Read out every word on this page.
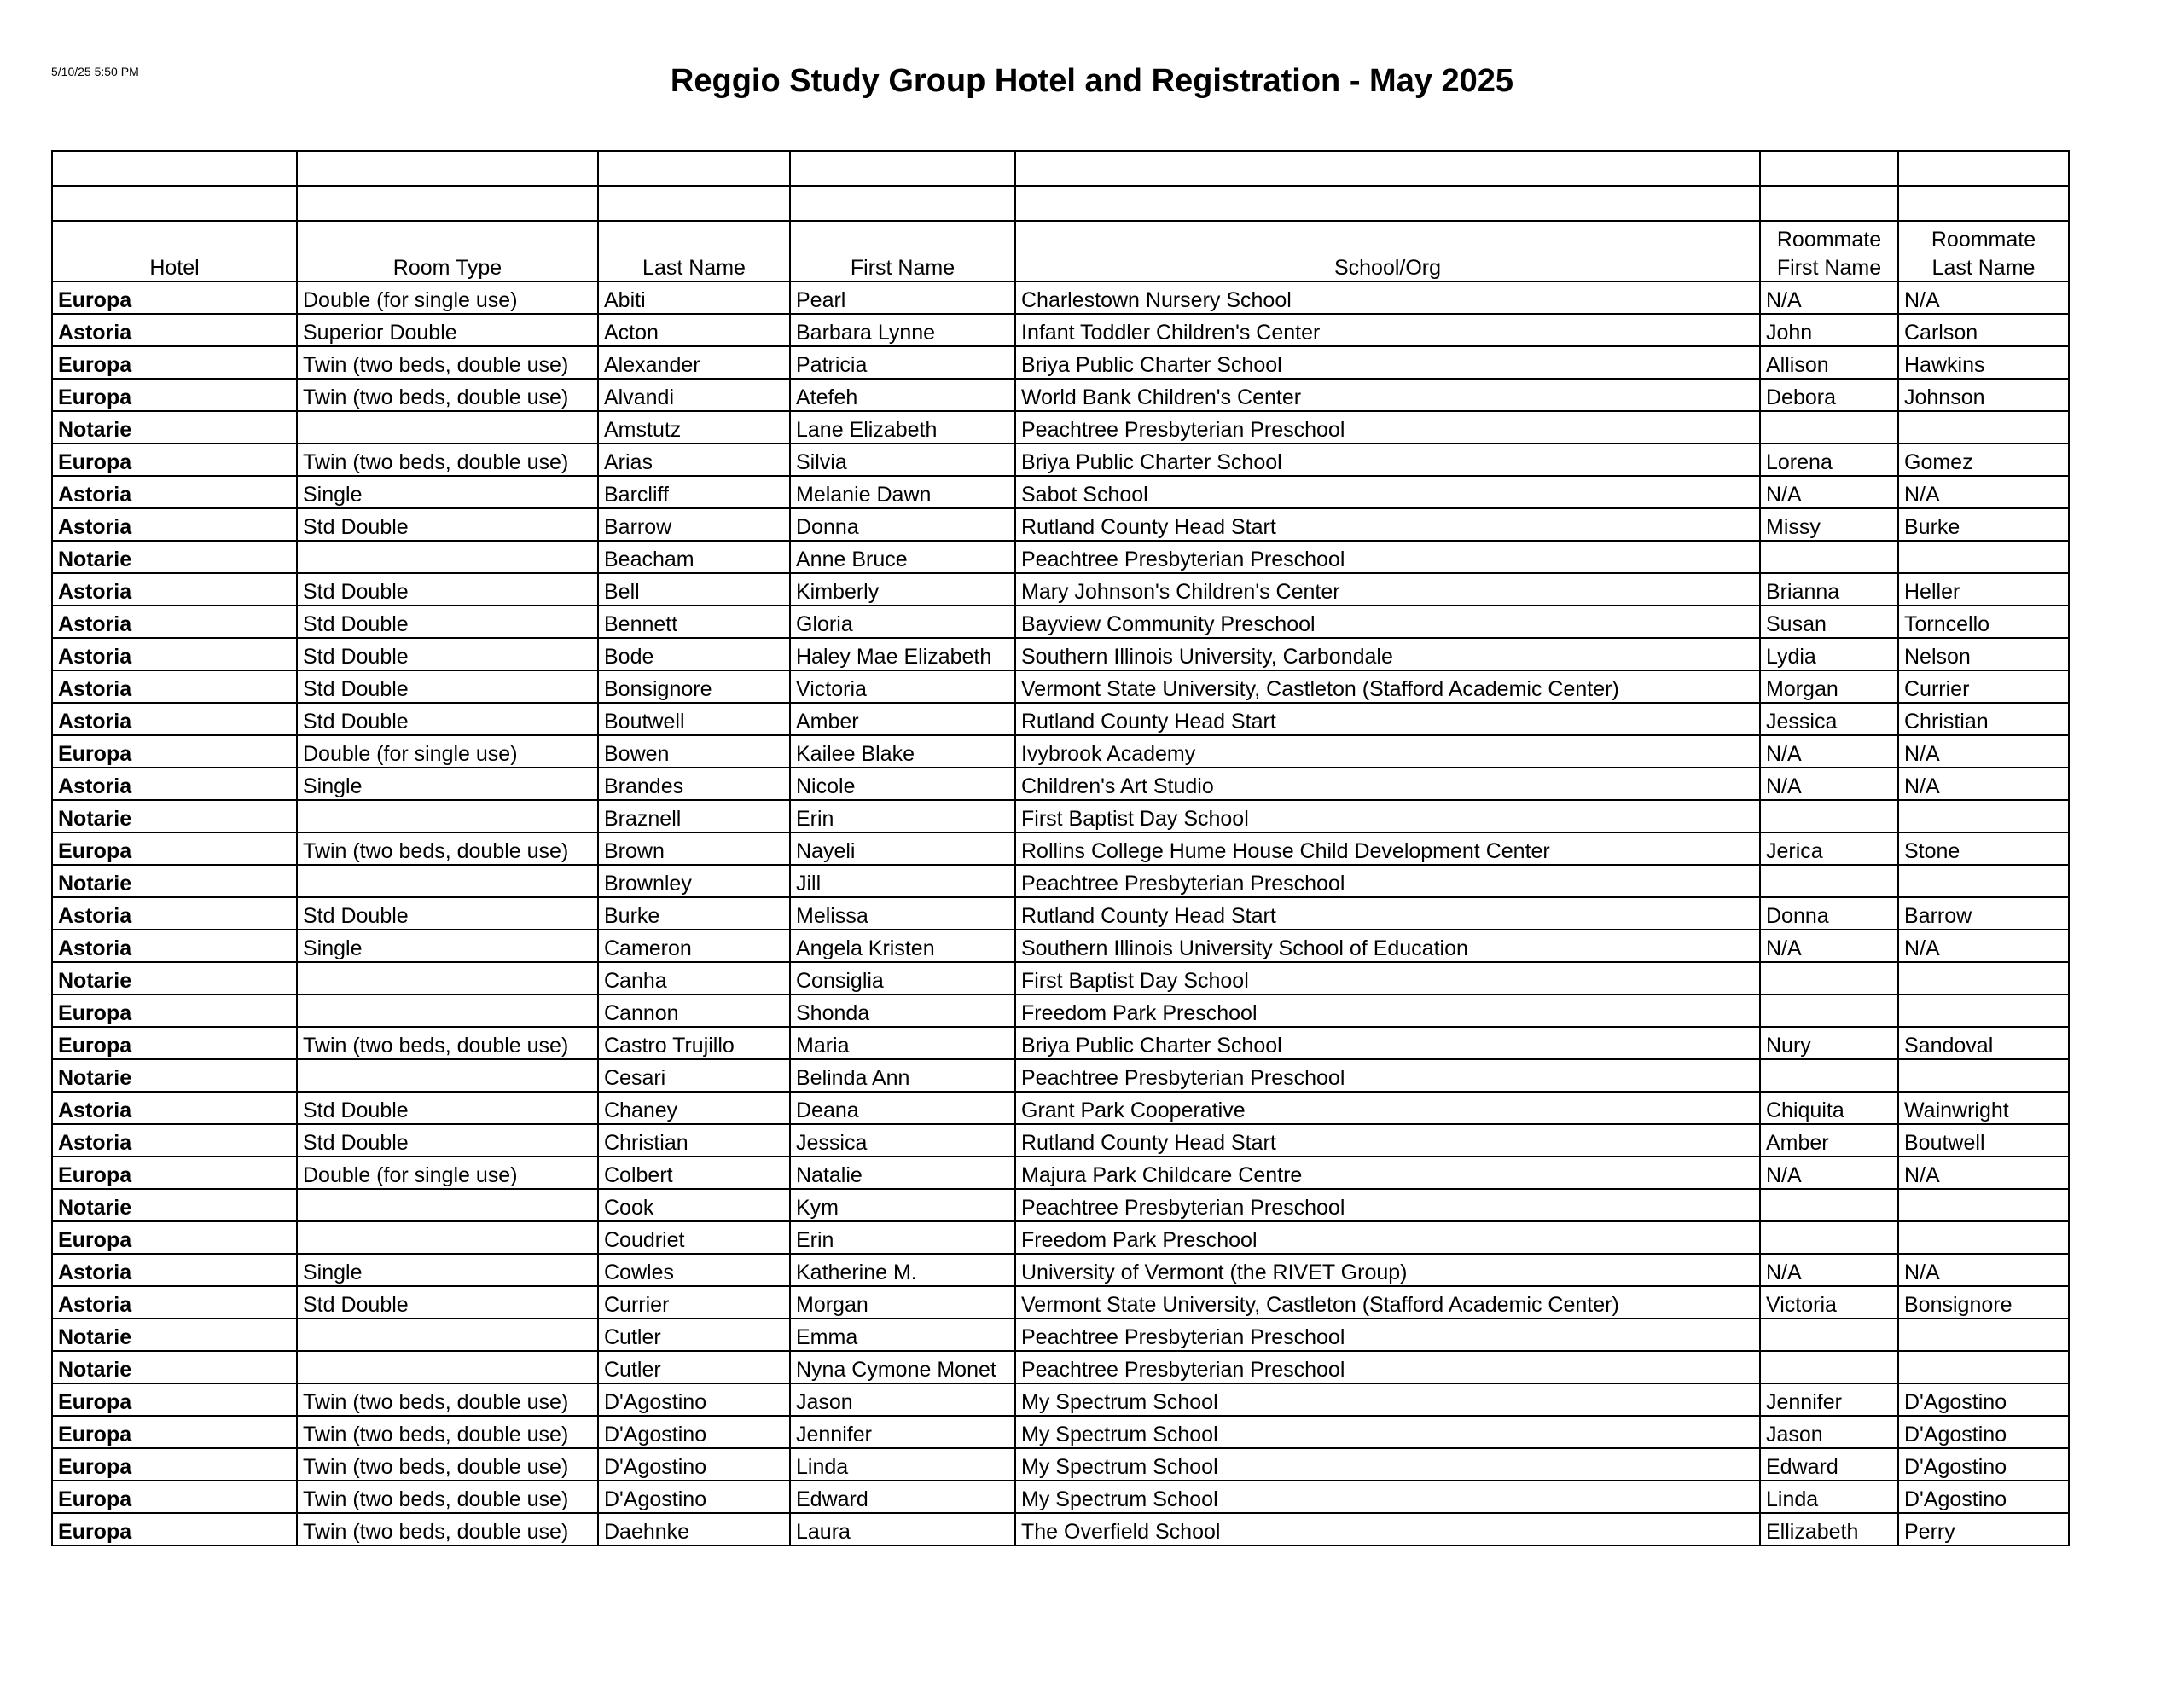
5/10/25 5:50 PM	Reggio Study Group Hotel and Registration - May 2025

					Roommate	Roommate
Hotel	Room Type	Last Name	First Name	School/Org	First Name	Last Name
Europa	Double (for single use)	Abiti	Pearl	Charlestown Nursery School	N/A	N/A
Astoria	Superior Double	Acton	Barbara Lynne	Infant Toddler Children's Center	John	Carlson
Europa	Twin (two beds, double use)	Alexander	Patricia	Briya Public Charter School	Allison	Hawkins
Europa	Twin (two beds, double use)	Alvandi	Atefeh	World Bank Children's Center	Debora	Johnson
Notarie		Amstutz	Lane Elizabeth	Peachtree Presbyterian Preschool		
Europa	Twin (two beds, double use)	Arias	Silvia	Briya Public Charter School	Lorena	Gomez
Astoria	Single	Barcliff	Melanie Dawn	Sabot School	N/A	N/A
Astoria	Std Double	Barrow	Donna	Rutland County Head Start	Missy	Burke
Notarie		Beacham	Anne Bruce	Peachtree Presbyterian Preschool		
Astoria	Std Double	Bell	Kimberly	Mary Johnson's Children's Center	Brianna	Heller
Astoria	Std Double	Bennett	Gloria	Bayview Community Preschool	Susan	Torncello
Astoria	Std Double	Bode	Haley Mae Elizabeth	Southern Illinois University, Carbondale	Lydia	Nelson
Astoria	Std Double	Bonsignore	Victoria	Vermont State University, Castleton (Stafford Academic Center)	Morgan	Currier
Astoria	Std Double	Boutwell	Amber	Rutland County Head Start	Jessica	Christian
Europa	Double (for single use)	Bowen	Kailee Blake	Ivybrook Academy	N/A	N/A
Astoria	Single	Brandes	Nicole	Children's Art Studio	N/A	N/A
Notarie		Braznell	Erin	First Baptist Day School		
Europa	Twin (two beds, double use)	Brown	Nayeli	Rollins College Hume House Child Development Center	Jerica	Stone
Notarie		Brownley	Jill	Peachtree Presbyterian Preschool		
Astoria	Std Double	Burke	Melissa	Rutland County Head Start	Donna	Barrow
Astoria	Single	Cameron	Angela Kristen	Southern Illinois University School of Education	N/A	N/A
Notarie		Canha	Consiglia	First Baptist Day School		
Europa		Cannon	Shonda	Freedom Park Preschool		
Europa	Twin (two beds, double use)	Castro Trujillo	Maria	Briya Public Charter School	Nury	Sandoval
Notarie		Cesari	Belinda Ann	Peachtree Presbyterian Preschool		
Astoria	Std Double	Chaney	Deana	Grant Park Cooperative	Chiquita	Wainwright
Astoria	Std Double	Christian	Jessica	Rutland County Head Start	Amber	Boutwell
Europa	Double (for single use)	Colbert	Natalie	Majura Park Childcare Centre	N/A	N/A
Notarie		Cook	Kym	Peachtree Presbyterian Preschool		
Europa		Coudriet	Erin	Freedom Park Preschool		
Astoria	Single	Cowles	Katherine M.	University of Vermont (the RIVET Group)	N/A	N/A
Astoria	Std Double	Currier	Morgan	Vermont State University, Castleton (Stafford Academic Center)	Victoria	Bonsignore
Notarie		Cutler	Emma	Peachtree Presbyterian Preschool		
Notarie		Cutler	Nyna Cymone Monet	Peachtree Presbyterian Preschool		
Europa	Twin (two beds, double use)	D'Agostino	Jason	My Spectrum School	Jennifer	D'Agostino
Europa	Twin (two beds, double use)	D'Agostino	Jennifer	My Spectrum School	Jason	D'Agostino
Europa	Twin (two beds, double use)	D'Agostino	Linda	My Spectrum School	Edward	D'Agostino
Europa	Twin (two beds, double use)	D'Agostino	Edward	My Spectrum School	Linda	D'Agostino
Europa	Twin (two beds, double use)	Daehnke	Laura	The Overfield School	Ellizabeth	Perry
